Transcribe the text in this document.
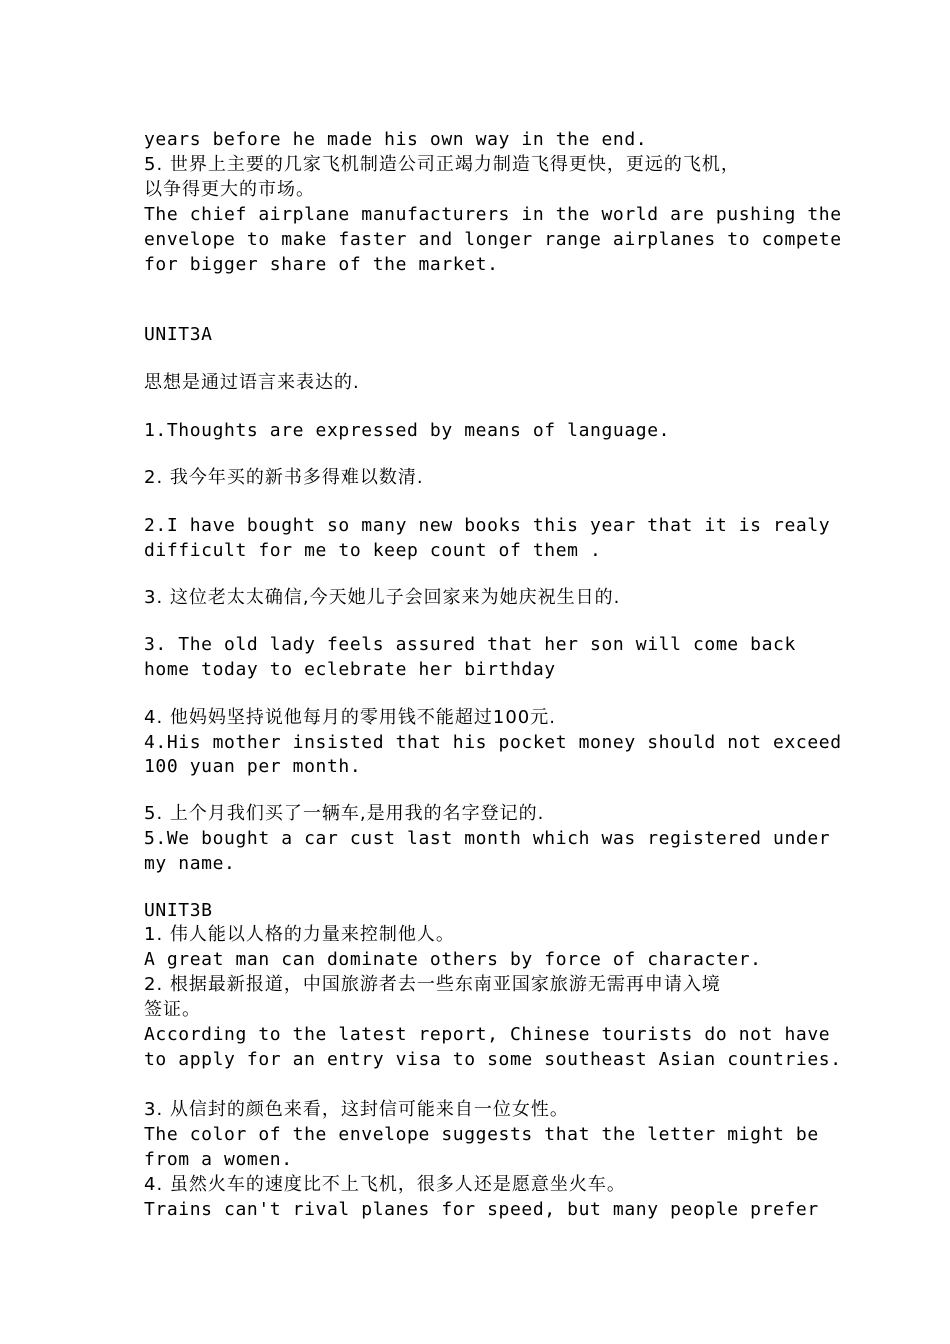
years before he made his own way in the end.
5. 世界上主要的几家飞机制造公司正竭力制造飞得更快，更远的飞机，
以争得更大的市场。
The chief airplane manufacturers in the world are pushing the
envelope to make faster and longer range airplanes to compete
for bigger share of the market.
UNIT3A
思想是通过语言来表达的.
1.Thoughts are expressed by means of language.
2. 我今年买的新书多得难以数清.
2.I have bought so many new books this year that it is realy
difficult for me to keep count of them .
3. 这位老太太确信,今天她儿子会回家来为她庆祝生日的.
3. The old lady feels assured that her son will come back
home today to eclebrate her birthday
4. 他妈妈坚持说他每月的零用钱不能超过100元.
4.His mother insisted that his pocket money should not exceed
100 yuan per month.
5. 上个月我们买了一辆车,是用我的名字登记的.
5.We bought a car cust last month which was registered under
my name.
UNIT3B
1. 伟人能以人格的力量来控制他人。
A great man can dominate others by force of character.
2. 根据最新报道，中国旅游者去一些东南亚国家旅游无需再申请入境
签证。
According to the latest report, Chinese tourists do not have
to apply for an entry visa to some southeast Asian countries.
3. 从信封的颜色来看，这封信可能来自一位女性。
The color of the envelope suggests that the letter might be
from a women.
4. 虽然火车的速度比不上飞机，很多人还是愿意坐火车。
Trains can't rival planes for speed, but many people prefer
